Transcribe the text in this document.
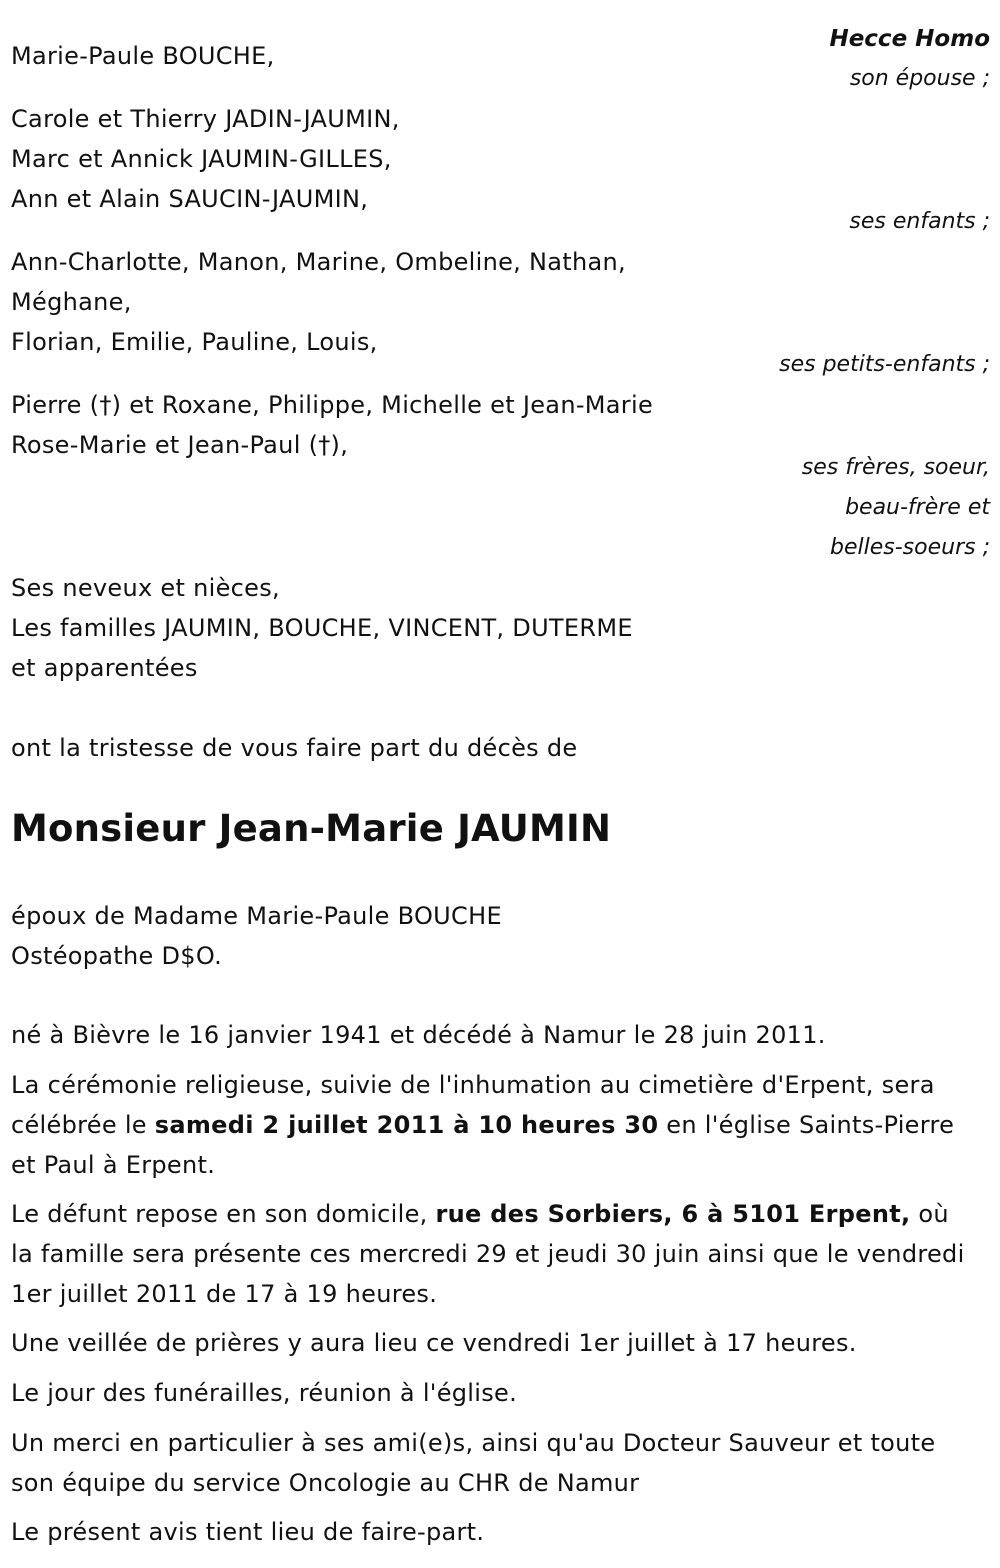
Hecce Homo
son épouse ;
ses enfants ;
ses petits-enfants ;
ses frères, soeur,
beau-frère et
belles-soeurs ;
Marie-Paule BOUCHE,
Carole et Thierry JADIN-JAUMIN,
Marc et Annick JAUMIN-GILLES,
Ann et Alain SAUCIN-JAUMIN,
Ann-Charlotte, Manon, Marine, Ombeline, Nathan,
Méghane,
Florian, Emilie, Pauline, Louis,
Pierre (†) et Roxane, Philippe, Michelle et Jean-Marie
Rose-Marie et Jean-Paul (†),
Ses neveux et nièces,
Les familles JAUMIN, BOUCHE, VINCENT, DUTERME
et apparentées
ont la tristesse de vous faire part du décès de
Monsieur Jean-Marie JAUMIN
époux de Madame Marie-Paule BOUCHE
Ostéopathe D$O.
né à Bièvre le 16 janvier 1941 et décédé à Namur le 28 juin 2011.
La cérémonie religieuse, suivie de l'inhumation au cimetière d'Erpent, sera célébrée le samedi 2 juillet 2011 à 10 heures 30 en l'église Saints-Pierre et Paul à Erpent.
Le défunt repose en son domicile, rue des Sorbiers, 6 à 5101 Erpent, où la famille sera présente ces mercredi 29 et jeudi 30 juin ainsi que le vendredi 1er juillet 2011 de 17 à 19 heures.
Une veillée de prières y aura lieu ce vendredi 1er juillet à 17 heures.
Le jour des funérailles, réunion à l'église.
Un merci en particulier à ses ami(e)s, ainsi qu'au Docteur Sauveur et toute son équipe du service Oncologie au CHR de Namur
Le présent avis tient lieu de faire-part.
